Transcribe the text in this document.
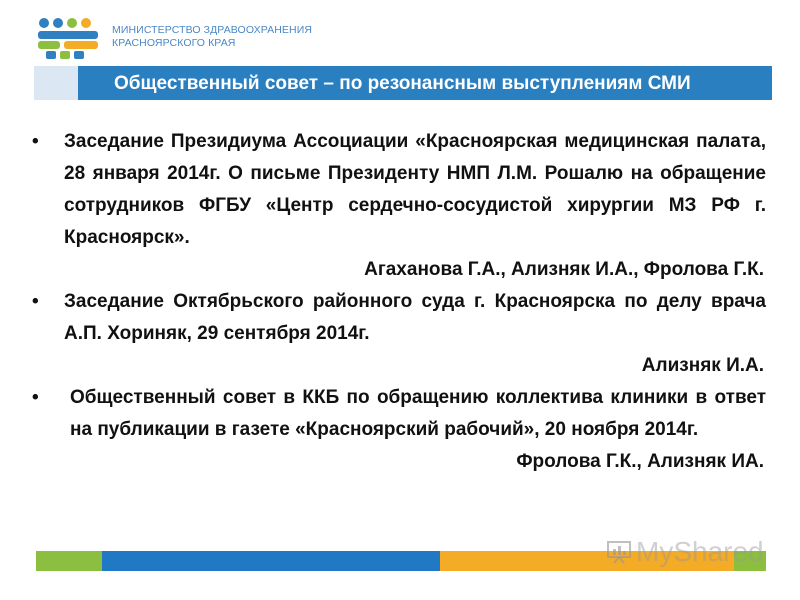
МИНИСТЕРСТВО ЗДРАВООХРАНЕНИЯ
КРАСНОЯРСКОГО КРАЯ
Общественный совет – по резонансным выступлениям СМИ
• Заседание Президиума Ассоциации «Красноярская медицинская палата, 28 января 2014г. О письме Президенту НМП Л.М. Рошалю на обращение сотрудников ФГБУ «Центр сердечно-сосудистой хирургии МЗ РФ г. Красноярск».
Агаханова Г.А., Ализняк И.А., Фролова Г.К.
• Заседание Октябрьского районного суда г. Красноярска по делу врача А.П. Хориняк, 29 сентября 2014г.
Ализняк И.А.
•	Общественный совет в ККБ по обращению коллектива клиники в ответ на публикации в газете «Красноярский рабочий», 20 ноября 2014г.
Фролова Г.К., Ализняк ИА.
MyShared
